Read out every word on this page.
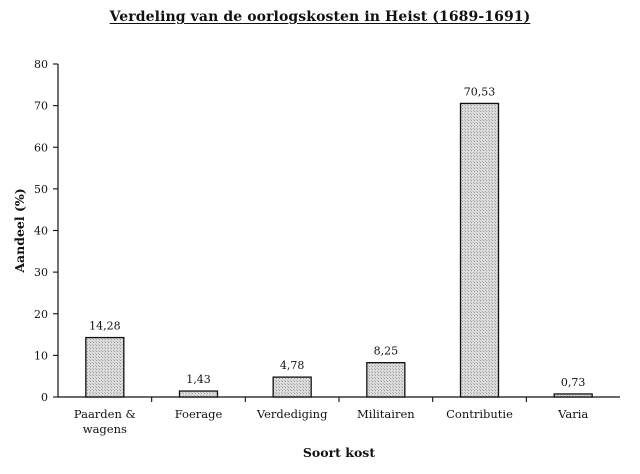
Verdeling van de oorlogskosten in Heist (1689-1691)
0
10
20
30
40
50
60
70
80
14,28
1,43
4,78
8,25
70,53
0,73
Paarden &
wagens
Foerage	Verdediging	Militairen	Contributie	Varia
Aandeel (%)
Soort kost
